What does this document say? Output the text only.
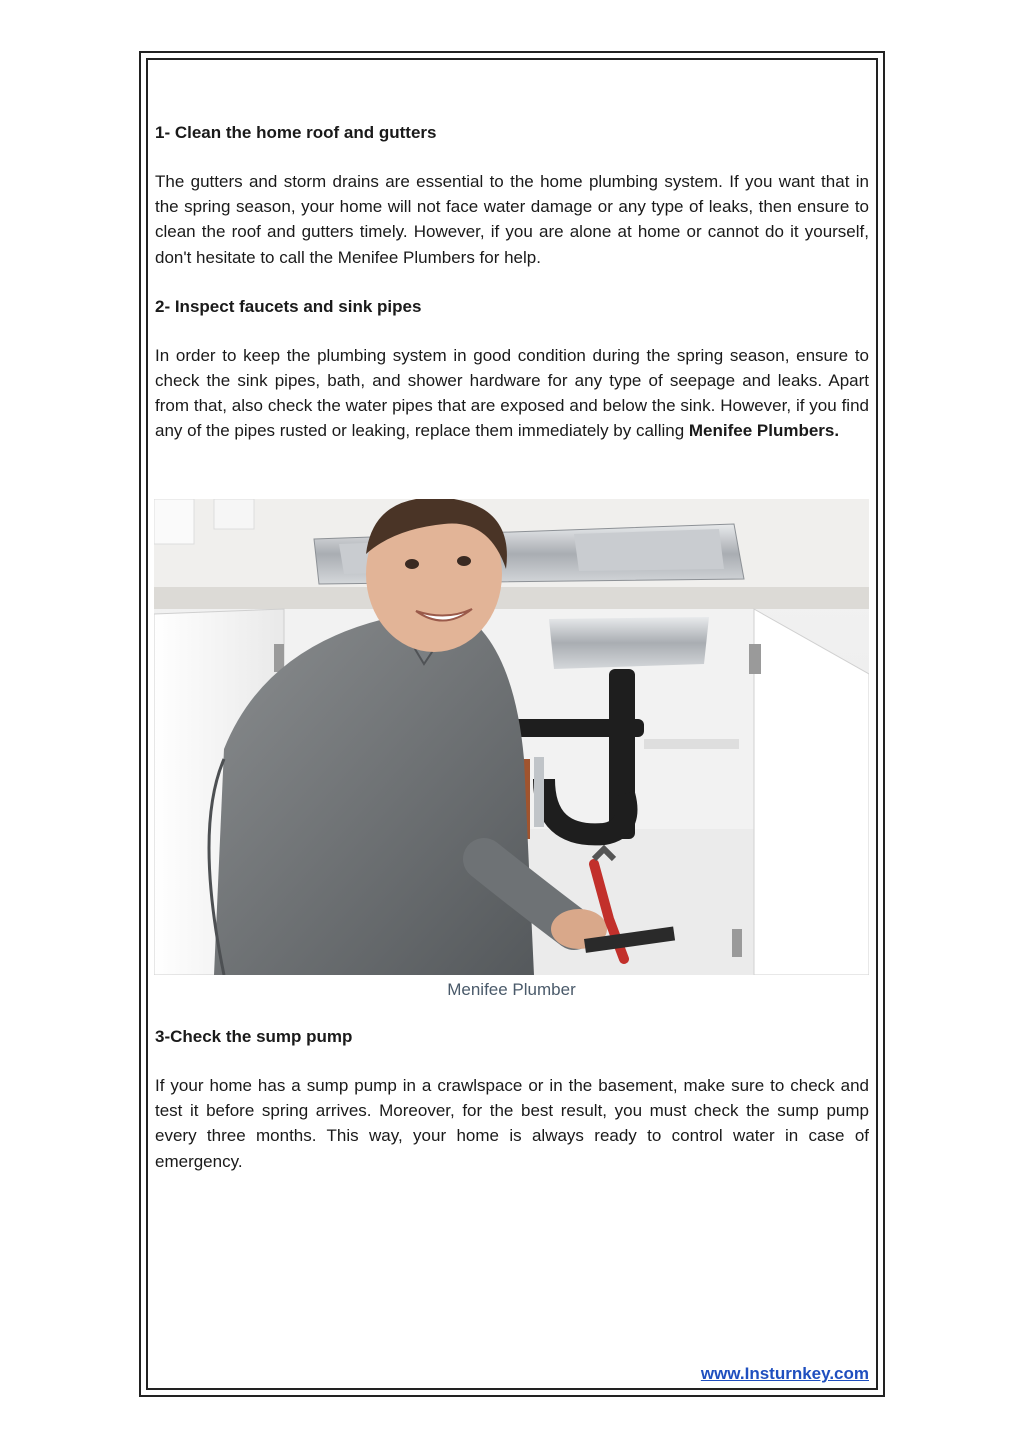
1- Clean the home roof and gutters

The gutters and storm drains are essential to the home plumbing system. If you want that in the spring season, your home will not face water damage or any type of leaks, then ensure to clean the roof and gutters timely. However, if you are alone at home or cannot do it yourself, don't hesitate to call the Menifee Plumbers for help.

2- Inspect faucets and sink pipes

In order to keep the plumbing system in good condition during the spring season, ensure to check the sink pipes, bath, and shower hardware for any type of seepage and leaks. Apart from that, also check the water pipes that are exposed and below the sink. However, if you find any of the pipes rusted or leaking, replace them immediately by calling Menifee Plumbers.

Menifee Plumber

3-Check the sump pump

If your home has a sump pump in a crawlspace or in the basement, make sure to check and test it before spring arrives. Moreover, for the best result, you must check the sump pump every three months. This way, your home is always ready to control water in case of emergency.

www.Insturnkey.com
